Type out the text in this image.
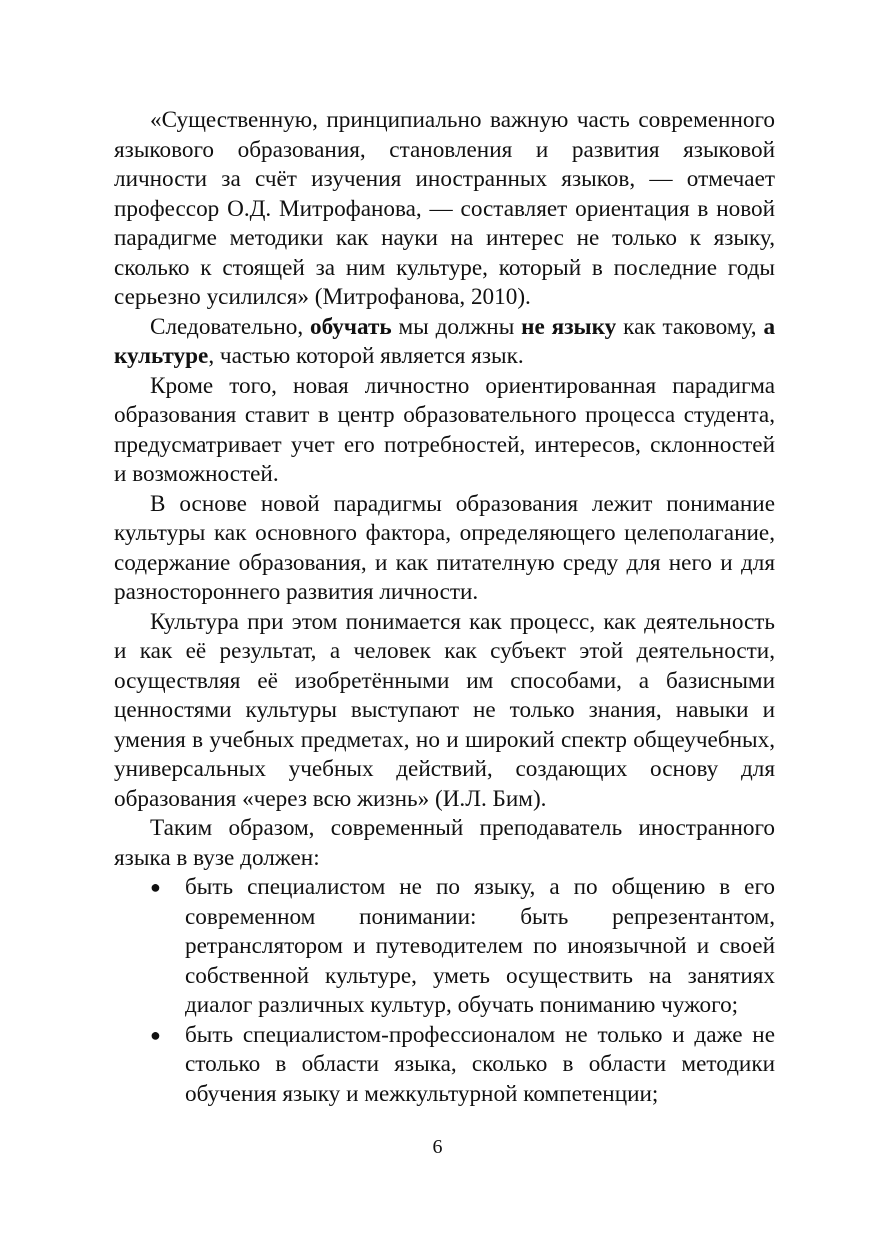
«Существенную, принципиально важную часть современного языкового образования, становления и развития языковой личности за счёт изучения иностранных языков, — отмечает профессор О.Д. Митрофанова, — составляет ориентация в новой парадигме методики как науки на интерес не только к языку, сколько к стоящей за ним культуре, который в последние годы серьезно усилился» (Митрофанова, 2010).

Следовательно, обучать мы должны не языку как таковому, а культуре, частью которой является язык.

Кроме того, новая личностно ориентированная парадигма образования ставит в центр образовательного процесса студента, предусматривает учет его потребностей, интересов, склонностей и возможностей.

В основе новой парадигмы образования лежит понимание культуры как основного фактора, определяющего целеполагание, содержание образования, и как питателную среду для него и для разностороннего развития личности.

Культура при этом понимается как процесс, как деятельность и как её результат, а человек как субъект этой деятельности, осуществляя её изобретёнными им способами, а базисными ценностями культуры выступают не только знания, навыки и умения в учебных предметах, но и широкий спектр общеучебных, универсальных учебных действий, создающих основу для образования «через всю жизнь» (И.Л. Бим).

Таким образом, современный преподаватель иностранного языка в вузе должен:

● быть специалистом не по языку, а по общению в его современном понимании: быть репрезентантом, ретранслятором и путеводителем по иноязычной и своей собственной культуре, уметь осуществить на занятиях диалог различных культур, обучать пониманию чужого;
● быть специалистом-профессионалом не только и даже не столько в области языка, сколько в области методики обучения языку и межкультурной компетенции;
6
